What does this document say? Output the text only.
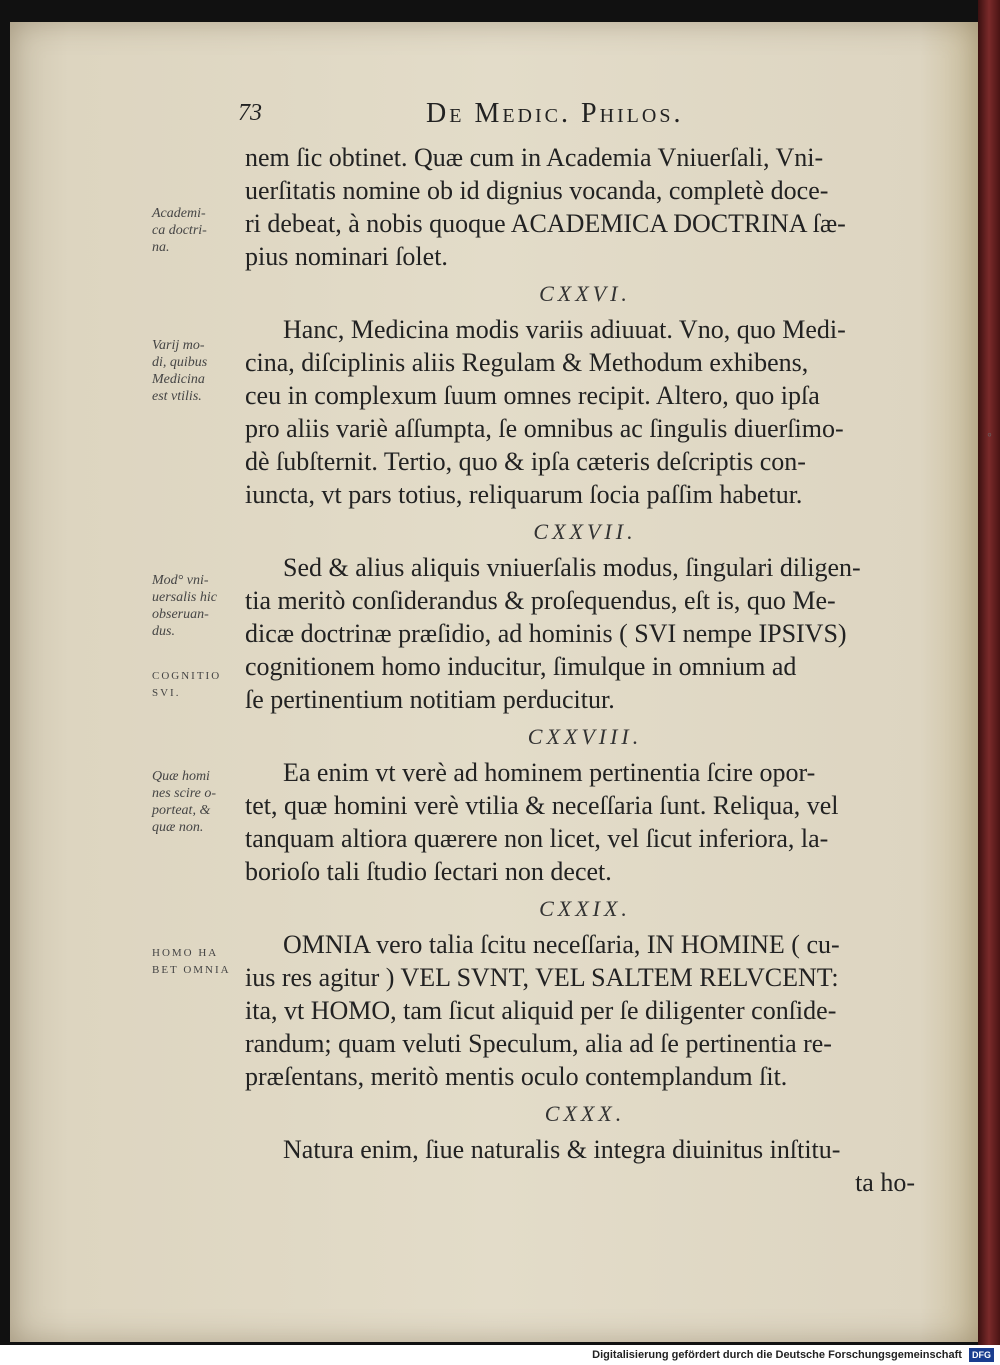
◦
73	De Medic. Philos.
Academi-
ca doctri-
na.
Varij mo-
di, quibus
Medicina
est vtilis.
Mod° vni-
uersalis hic
obseruan-
dus.
COGNITIO
SVI.
Quæ homi
nes scire o-
porteat, &
quæ non.
HOMO HA
BET OMNIA
nem ſic obtinet. Quæ cum in Academia Vniuerſali, Vni-
uerſitatis nomine ob id dignius vocanda, completè doce-
ri debeat, à nobis quoque ACADEMICA DOCTRINA ſæ-
pius nominari ſolet.
CXXVI.
Hanc, Medicina modis variis adiuuat. Vno, quo Medi-
cina, diſciplinis aliis Regulam & Methodum exhibens,
ceu in complexum ſuum omnes recipit. Altero, quo ipſa
pro aliis variè aſſumpta, ſe omnibus ac ſingulis diuerſimo-
dè ſubſternit. Tertio, quo & ipſa cæteris deſcriptis con-
iuncta, vt pars totius, reliquarum ſocia paſſim habetur.
CXXVII.
Sed & alius aliquis vniuerſalis modus, ſingulari diligen-
tia meritò conſiderandus & proſequendus, eſt is, quo Me-
dicæ doctrinæ præſidio, ad hominis ( SVI nempe IPSIVS)
cognitionem homo inducitur, ſimulque in omnium ad
ſe pertinentium notitiam perducitur.
CXXVIII.
Ea enim vt verè ad hominem pertinentia ſcire opor-
tet, quæ homini verè vtilia & neceſſaria ſunt. Reliqua, vel
tanquam altiora quærere non licet, vel ſicut inferiora, la-
borioſo tali ſtudio ſectari non decet.
CXXIX.
OMNIA vero talia ſcitu neceſſaria, IN HOMINE ( cu-
ius res agitur ) VEL SVNT, VEL SALTEM RELVCENT:
ita, vt HOMO, tam ſicut aliquid per ſe diligenter conſide-
randum; quam veluti Speculum, alia ad ſe pertinentia re-
præſentans, meritò mentis oculo contemplandum ſit.
CXXX.
Natura enim, ſiue naturalis & integra diuinitus inſtitu-
ta ho-
Digitalisierung gefördert durch die Deutsche Forschungsgemeinschaft DFG
